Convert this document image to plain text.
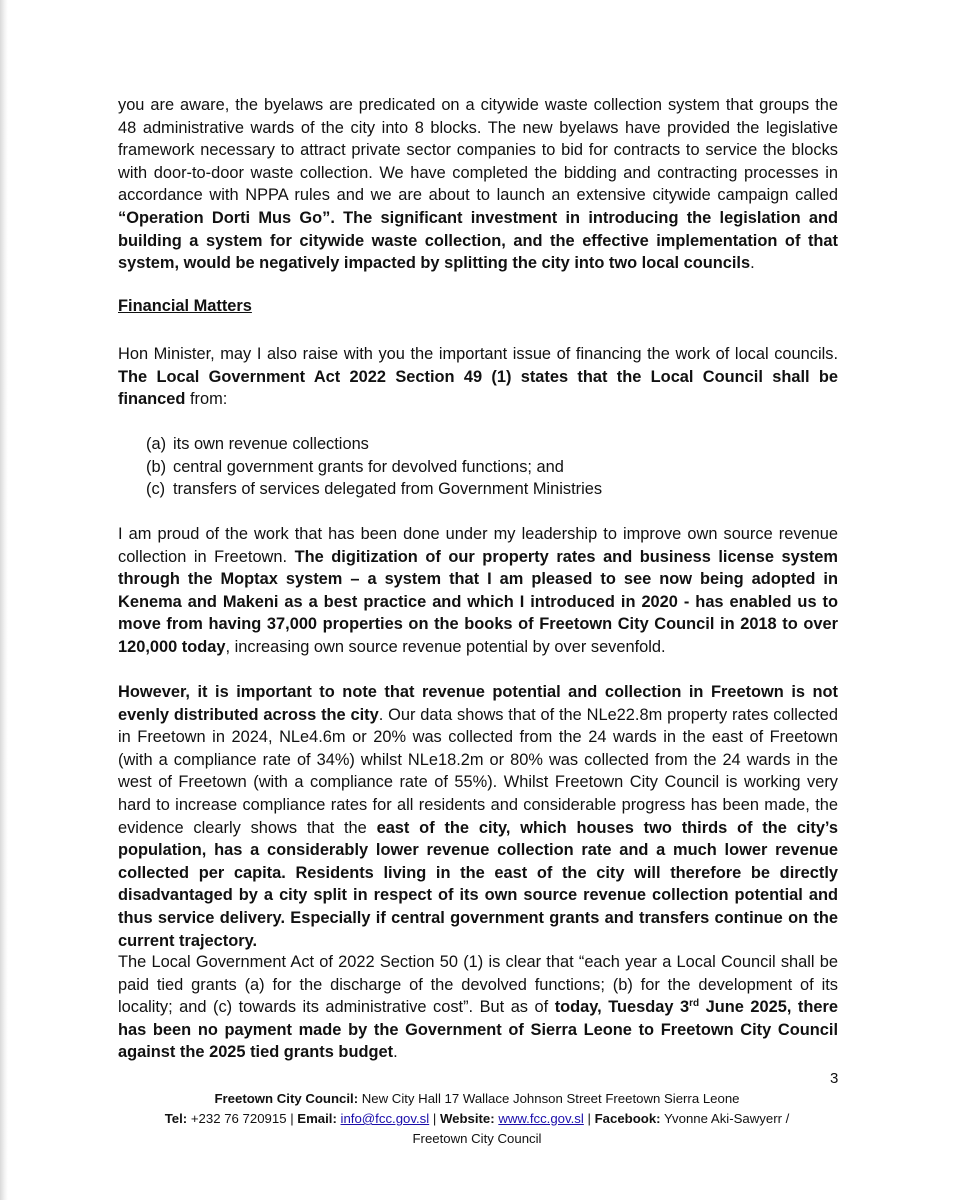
you are aware, the byelaws are predicated on a citywide waste collection system that groups the 48 administrative wards of the city into 8 blocks. The new byelaws have provided the legislative framework necessary to attract private sector companies to bid for contracts to service the blocks with door-to-door waste collection. We have completed the bidding and contracting processes in accordance with NPPA rules and we are about to launch an extensive citywide campaign called “Operation Dorti Mus Go”. The significant investment in introducing the legislation and building a system for citywide waste collection, and the effective implementation of that system, would be negatively impacted by splitting the city into two local councils.

Financial Matters

Hon Minister, may I also raise with you the important issue of financing the work of local councils. The Local Government Act 2022 Section 49 (1) states that the Local Council shall be financed from:

(a) its own revenue collections
(b) central government grants for devolved functions; and
(c) transfers of services delegated from Government Ministries

I am proud of the work that has been done under my leadership to improve own source revenue collection in Freetown. The digitization of our property rates and business license system through the Moptax system – a system that I am pleased to see now being adopted in Kenema and Makeni as a best practice and which I introduced in 2020 - has enabled us to move from having 37,000 properties on the books of Freetown City Council in 2018 to over 120,000 today, increasing own source revenue potential by over sevenfold.

However, it is important to note that revenue potential and collection in Freetown is not evenly distributed across the city. Our data shows that of the NLe22.8m property rates collected in Freetown in 2024, NLe4.6m or 20% was collected from the 24 wards in the east of Freetown (with a compliance rate of 34%) whilst NLe18.2m or 80% was collected from the 24 wards in the west of Freetown (with a compliance rate of 55%). Whilst Freetown City Council is working very hard to increase compliance rates for all residents and considerable progress has been made, the evidence clearly shows that the east of the city, which houses two thirds of the city’s population, has a considerably lower revenue collection rate and a much lower revenue collected per capita. Residents living in the east of the city will therefore be directly disadvantaged by a city split in respect of its own source revenue collection potential and thus service delivery. Especially if central government grants and transfers continue on the current trajectory.

The Local Government Act of 2022 Section 50 (1) is clear that “each year a Local Council shall be paid tied grants (a) for the discharge of the devolved functions; (b) for the development of its locality; and (c) towards its administrative cost”. But as of today, Tuesday 3rd June 2025, there has been no payment made by the Government of Sierra Leone to Freetown City Council against the 2025 tied grants budget.

3

Freetown City Council: New City Hall 17 Wallace Johnson Street Freetown Sierra Leone
Tel: +232 76 720915 | Email: info@fcc.gov.sl | Website: www.fcc.gov.sl | Facebook: Yvonne Aki-Sawyerr /
Freetown City Council
